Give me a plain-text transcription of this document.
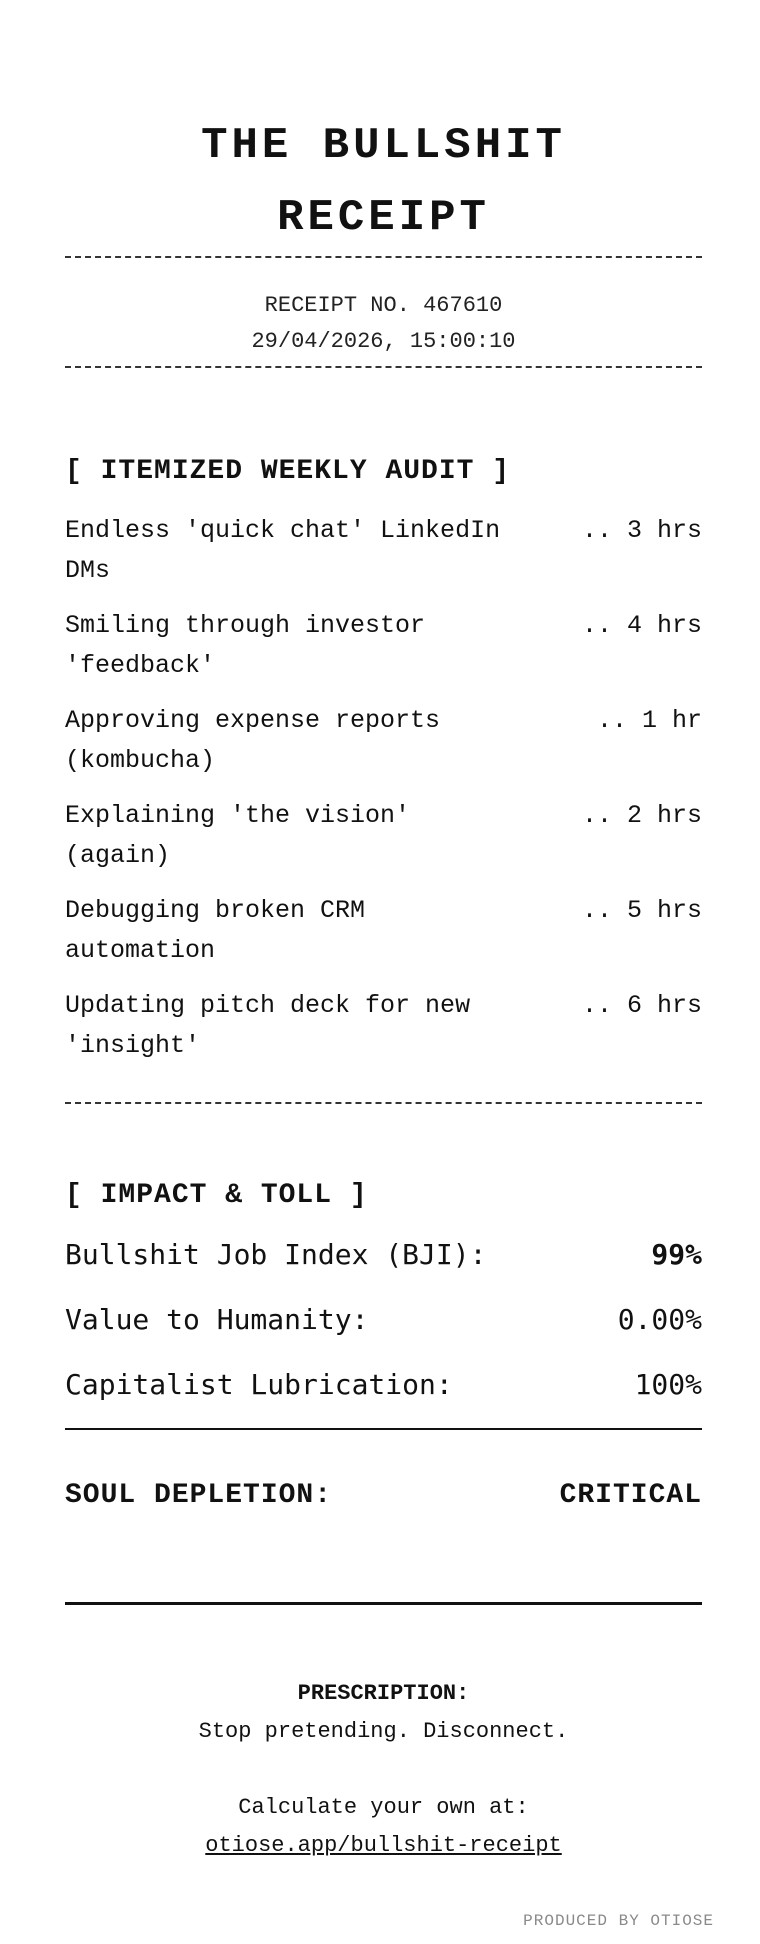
THE BULLSHIT
RECEIPT
RECEIPT NO. 467610
29/04/2026, 15:00:10
[ ITEMIZED WEEKLY AUDIT ]
Endless 'quick chat' LinkedIn DMs
.. 3 hrs
Smiling through investor 'feedback'
.. 4 hrs
Approving expense reports (kombucha)
.. 1 hr
Explaining 'the vision' (again)
.. 2 hrs
Debugging broken CRM automation
.. 5 hrs
Updating pitch deck for new 'insight'
.. 6 hrs
[ IMPACT & TOLL ]
Bullshit Job Index (BJI):	99%
Value to Humanity:	0.00%
Capitalist Lubrication:	100%
SOUL DEPLETION:	CRITICAL
PRESCRIPTION:
Stop pretending. Disconnect.
Calculate your own at:
otiose.app/bullshit-receipt
PRODUCED BY OTIOSE
